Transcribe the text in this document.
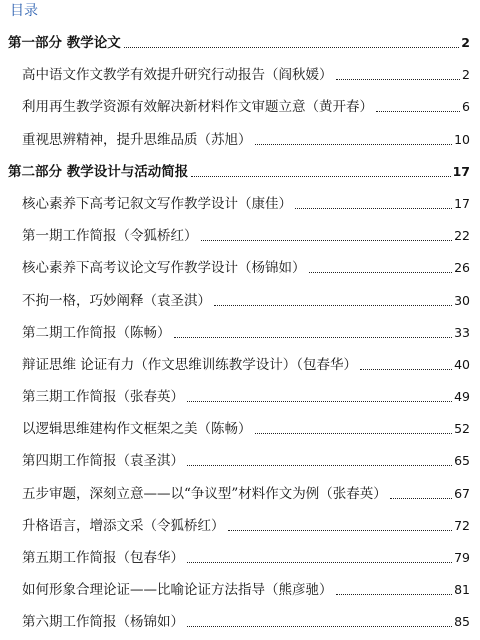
目录
第一部分 教学论文	2
高中语文作文教学有效提升研究行动报告（阎秋媛）	2
利用再生教学资源有效解决新材料作文审题立意（黄开春）	6
重视思辨精神，提升思维品质（苏旭）	10
第二部分 教学设计与活动简报	17
核心素养下高考记叙文写作教学设计（康佳）	17
第一期工作简报（令狐桥红）	22
核心素养下高考议论文写作教学设计（杨锦如）	26
不拘一格，巧妙阐释（袁圣淇）	30
第二期工作简报（陈畅）	33
辩证思维 论证有力（作文思维训练教学设计）（包春华）	40
第三期工作简报（张春英）	49
以逻辑思维建构作文框架之美（陈畅）	52
第四期工作简报（袁圣淇）	65
五步审题，深刻立意——以“争议型”材料作文为例（张春英）	67
升格语言，增添文采（令狐桥红）	72
第五期工作简报（包春华）	79
如何形象合理论证——比喻论证方法指导（熊彦驰）	81
第六期工作简报（杨锦如）	85
